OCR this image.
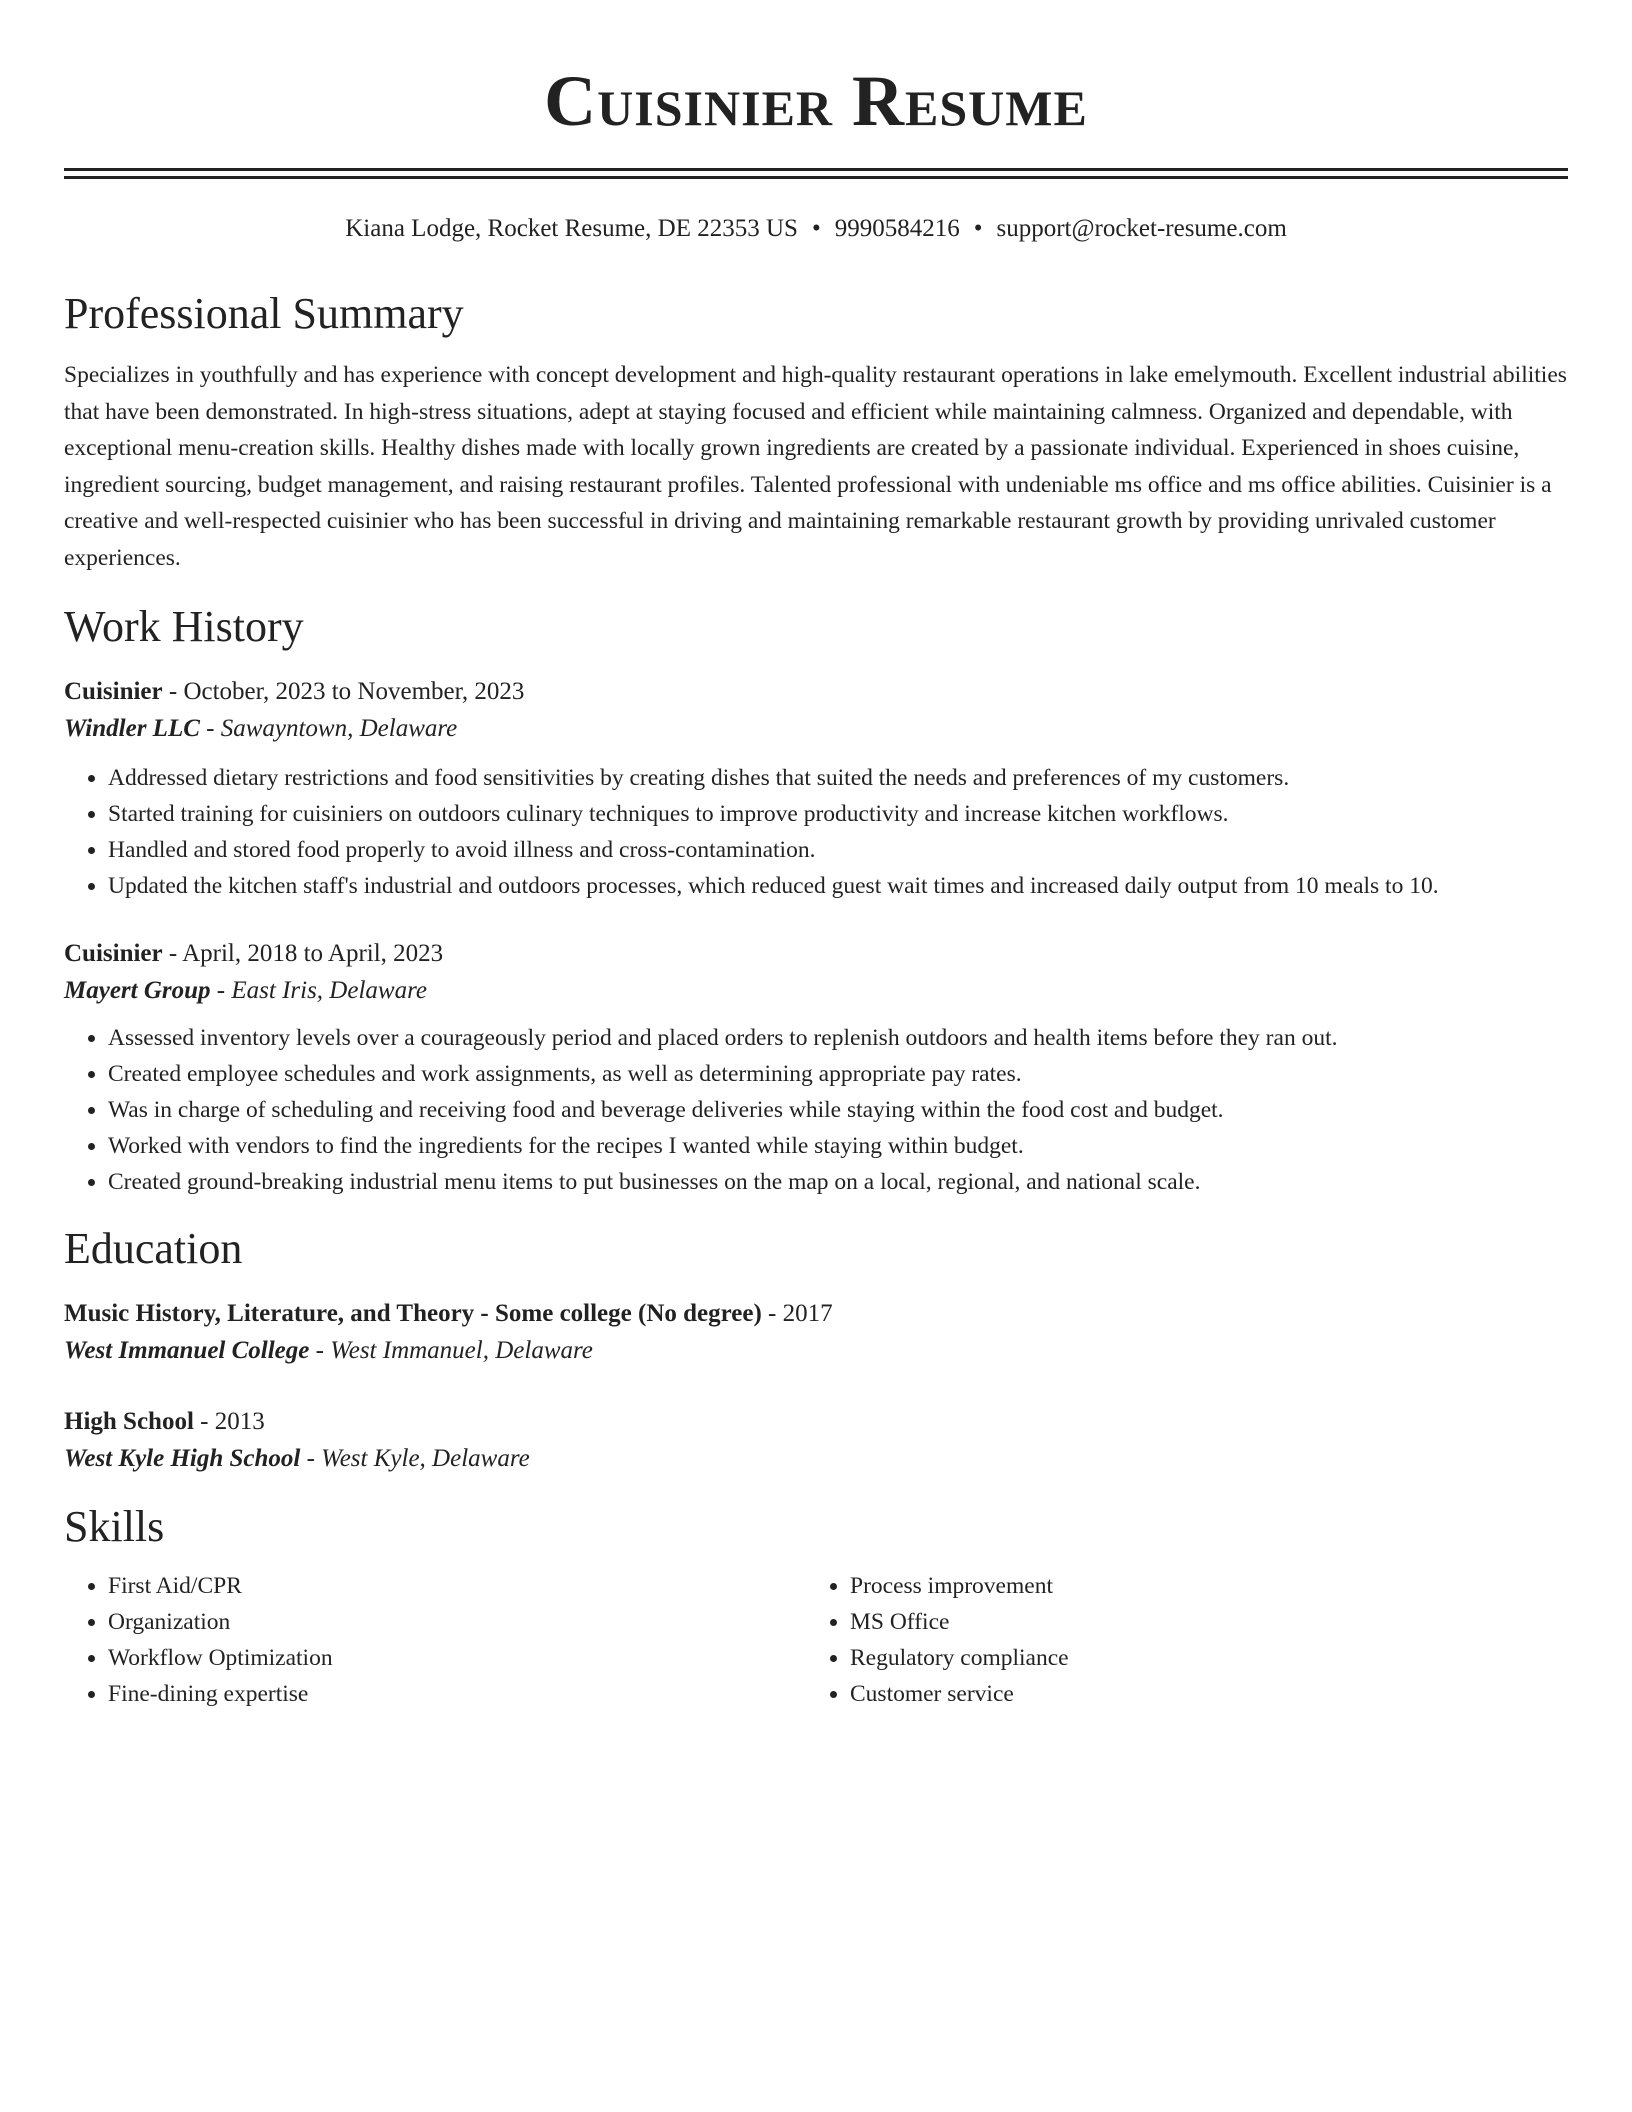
Cuisinier Resume
Kiana Lodge, Rocket Resume, DE 22353 US • 9990584216 • support@rocket-resume.com
Professional Summary

Specializes in youthfully and has experience with concept development and high-quality restaurant operations in lake emelymouth. Excellent industrial abilities that have been demonstrated. In high-stress situations, adept at staying focused and efficient while maintaining calmness. Organized and dependable, with exceptional menu-creation skills. Healthy dishes made with locally grown ingredients are created by a passionate individual. Experienced in shoes cuisine, ingredient sourcing, budget management, and raising restaurant profiles. Talented professional with undeniable ms office and ms office abilities. Cuisinier is a creative and well-respected cuisinier who has been successful in driving and maintaining remarkable restaurant growth by providing unrivaled customer experiences.

Work History
Cuisinier - October, 2023 to November, 2023
Windler LLC - Sawayntown, Delaware
• Addressed dietary restrictions and food sensitivities by creating dishes that suited the needs and preferences of my customers.
• Started training for cuisiniers on outdoors culinary techniques to improve productivity and increase kitchen workflows.
• Handled and stored food properly to avoid illness and cross-contamination.
• Updated the kitchen staff's industrial and outdoors processes, which reduced guest wait times and increased daily output from 10 meals to 10.
Cuisinier - April, 2018 to April, 2023
Mayert Group - East Iris, Delaware
• Assessed inventory levels over a courageously period and placed orders to replenish outdoors and health items before they ran out.
• Created employee schedules and work assignments, as well as determining appropriate pay rates.
• Was in charge of scheduling and receiving food and beverage deliveries while staying within the food cost and budget.
• Worked with vendors to find the ingredients for the recipes I wanted while staying within budget.
• Created ground-breaking industrial menu items to put businesses on the map on a local, regional, and national scale.
Education
Music History, Literature, and Theory - Some college (No degree) - 2017
West Immanuel College - West Immanuel, Delaware
High School - 2013
West Kyle High School - West Kyle, Delaware
Skills
• First Aid/CPR
• Organization
• Workflow Optimization
• Fine-dining expertise
• Process improvement
• MS Office
• Regulatory compliance
• Customer service
